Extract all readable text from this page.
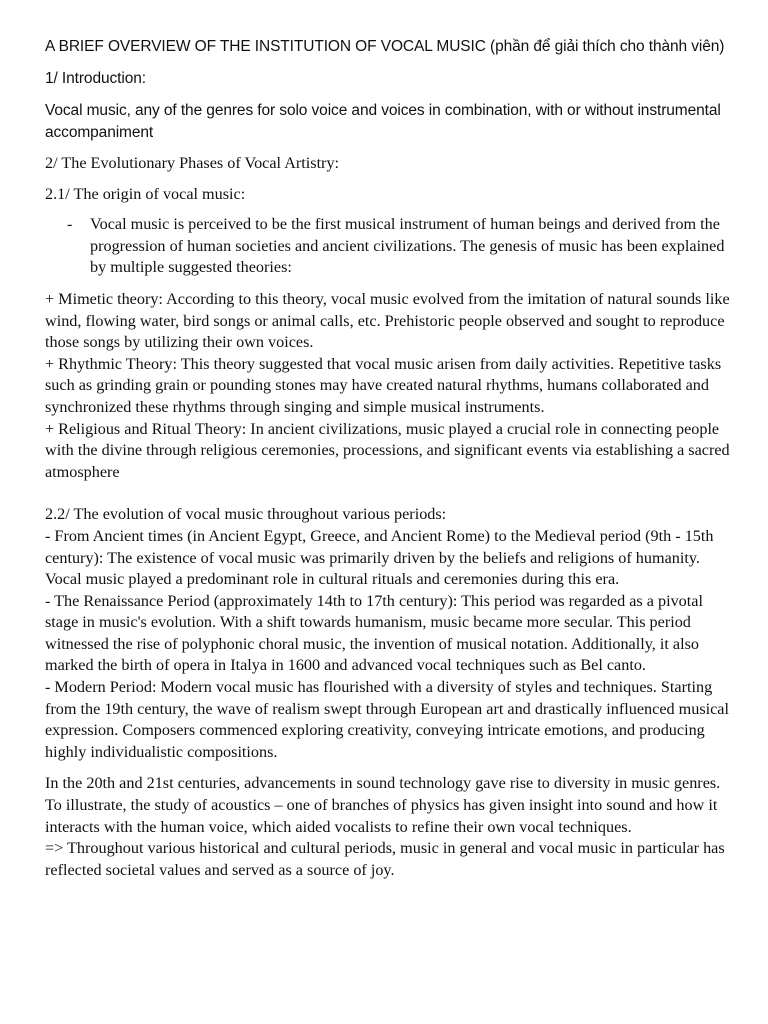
A BRIEF OVERVIEW OF THE INSTITUTION OF VOCAL MUSIC (phần để giải thích cho thành viên)

1/ Introduction:

Vocal music, any of the genres for solo voice and voices in combination, with or without instrumental accompaniment

2/ The Evolutionary Phases of Vocal Artistry:

2.1/ The origin of vocal music:

-	Vocal music is perceived to be the first musical instrument of human beings and derived from the progression of human societies and ancient civilizations. The genesis of music has been explained by multiple suggested theories:

+ Mimetic theory: According to this theory, vocal music evolved from the imitation of natural sounds like wind, flowing water, bird songs or animal calls, etc. Prehistoric people observed and sought to reproduce those songs by utilizing their own voices.

+ Rhythmic Theory: This theory suggested that vocal music arisen from daily activities. Repetitive tasks such as grinding grain or pounding stones may have created natural rhythms, humans collaborated and synchronized these rhythms through singing and simple musical instruments.

+ Religious and Ritual Theory: In ancient civilizations, music played a crucial role in connecting people with the divine through religious ceremonies, processions, and significant events via establishing a sacred atmosphere

2.2/ The evolution of vocal music throughout various periods:

- From Ancient times (in Ancient Egypt, Greece, and Ancient Rome) to the Medieval period (9th - 15th century): The existence of vocal music was primarily driven by the beliefs and religions of humanity. Vocal music played a predominant role in cultural rituals and ceremonies during this era.

- The Renaissance Period (approximately 14th to 17th century): This period was regarded as a pivotal stage in music's evolution. With a shift towards humanism, music became more secular. This period witnessed the rise of polyphonic choral music, the invention of musical notation. Additionally, it also marked the birth of opera in Italya in 1600 and advanced vocal techniques such as Bel canto.

- Modern Period: Modern vocal music has flourished with a diversity of styles and techniques. Starting from the 19th century, the wave of realism swept through European art and drastically influenced musical expression. Composers commenced exploring creativity, conveying intricate emotions, and producing highly individualistic compositions.

In the 20th and 21st centuries, advancements in sound technology gave rise to diversity in music genres. To illustrate, the study of acoustics – one of branches of physics has given insight into sound and how it interacts with the human voice, which aided vocalists to refine their own vocal techniques.

=> Throughout various historical and cultural periods, music in general and vocal music in particular has reflected societal values and served as a source of joy.
